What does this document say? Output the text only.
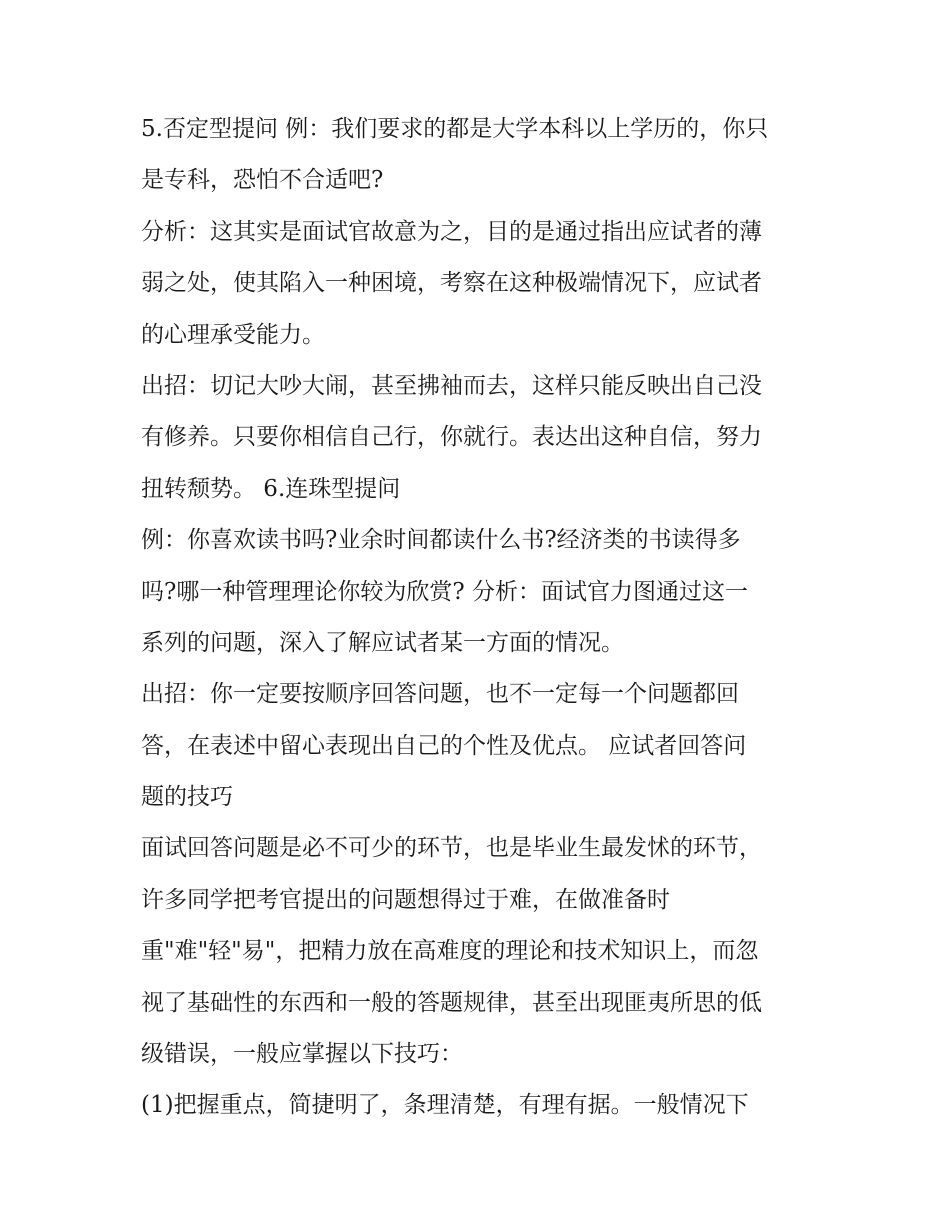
5.否定型提问 例：我们要求的都是大学本科以上学历的，你只
是专科，恐怕不合适吧?
分析：这其实是面试官故意为之，目的是通过指出应试者的薄
弱之处，使其陷入一种困境，考察在这种极端情况下，应试者
的心理承受能力。
出招：切记大吵大闹，甚至拂袖而去，这样只能反映出自己没
有修养。只要你相信自己行，你就行。表达出这种自信，努力
扭转颓势。 6.连珠型提问
例：你喜欢读书吗?业余时间都读什么书?经济类的书读得多
吗?哪一种管理理论你较为欣赏? 分析：面试官力图通过这一
系列的问题，深入了解应试者某一方面的情况。
出招：你一定要按顺序回答问题，也不一定每一个问题都回
答，在表述中留心表现出自己的个性及优点。 应试者回答问
题的技巧
面试回答问题是必不可少的环节，也是毕业生最发怵的环节，
许多同学把考官提出的问题想得过于难，在做准备时
重"难"轻"易"，把精力放在高难度的理论和技术知识上，而忽
视了基础性的东西和一般的答题规律，甚至出现匪夷所思的低
级错误，一般应掌握以下技巧：
(1)把握重点，简捷明了，条理清楚，有理有据。一般情况下
